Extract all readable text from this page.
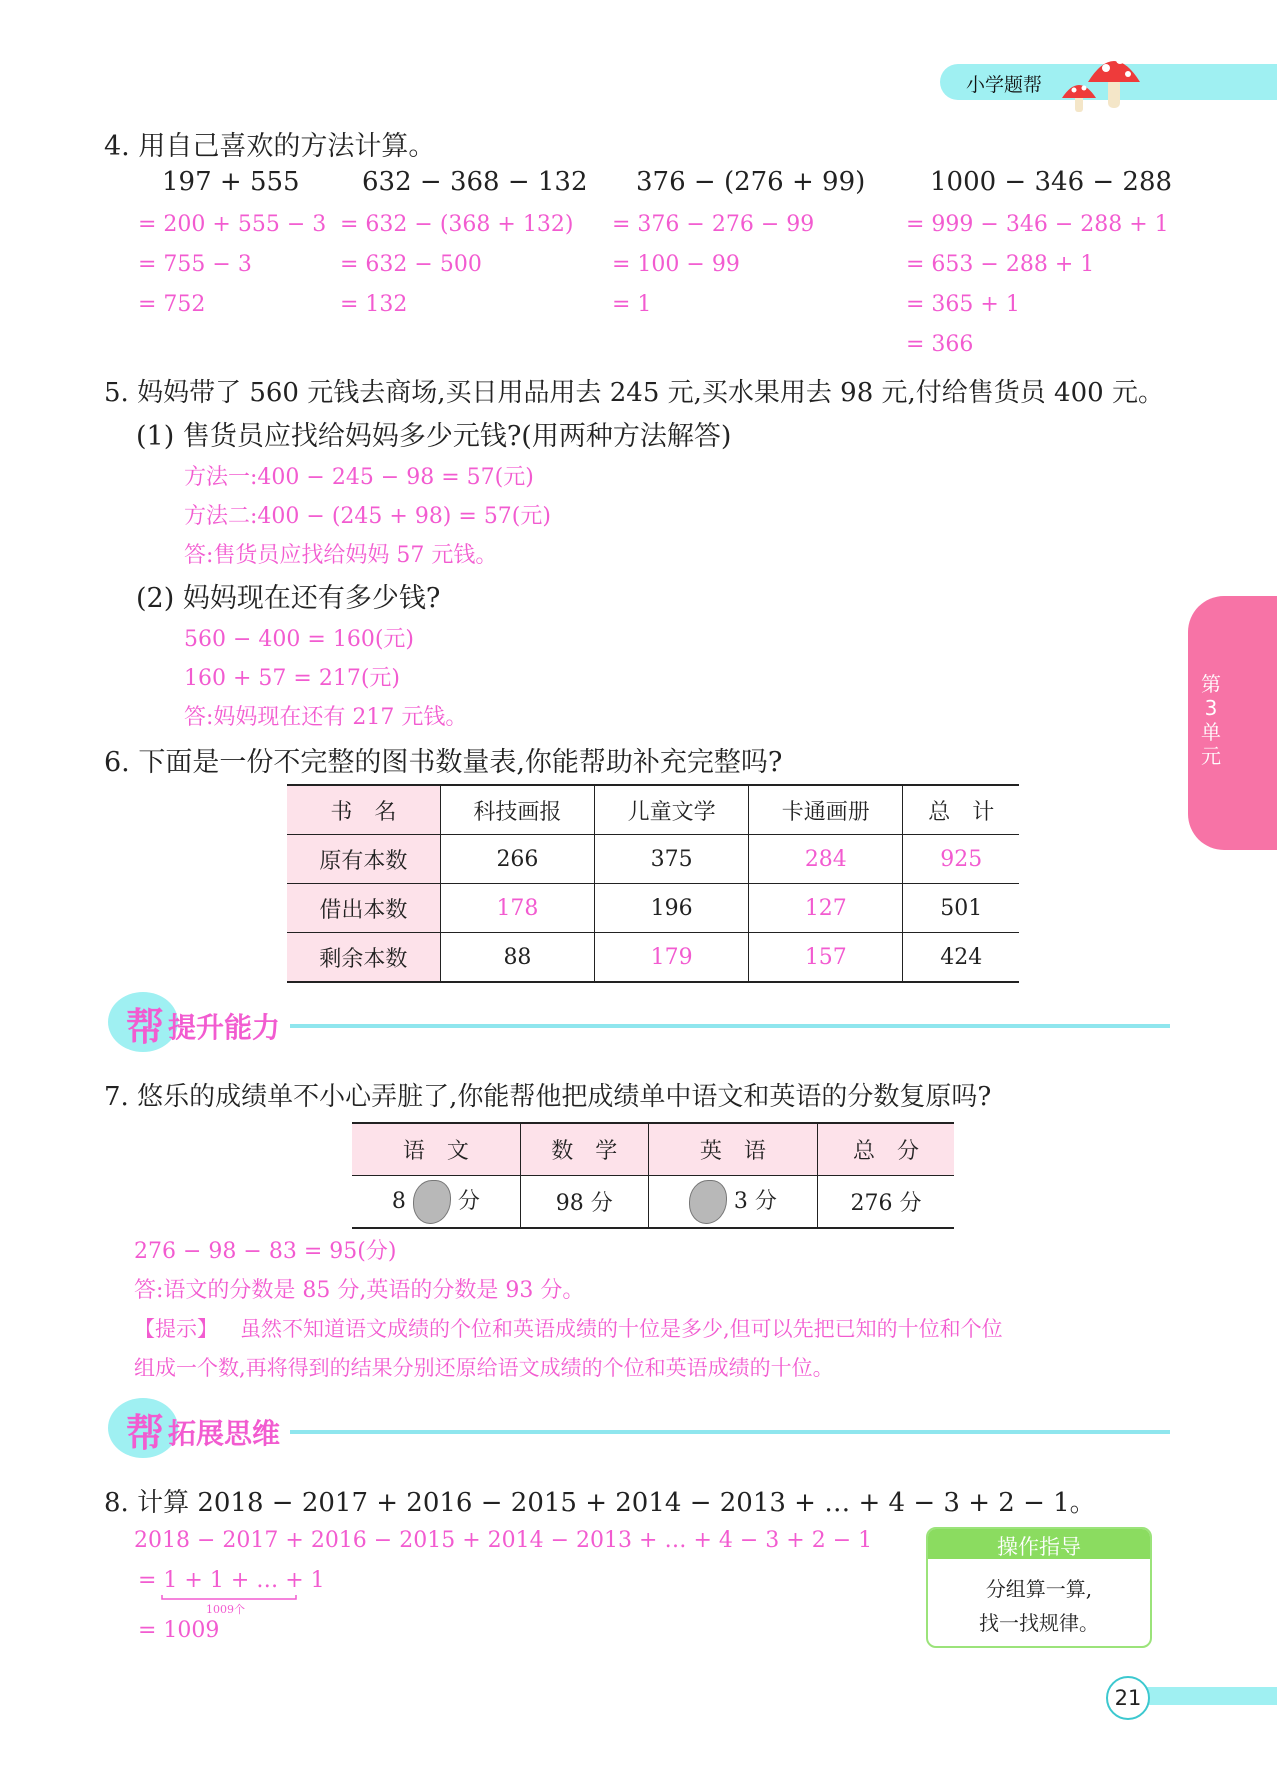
小学题帮
第3单元
4. 用自己喜欢的方法计算。
197 + 555
= 200 + 555 − 3
= 755 − 3
= 752
632 − 368 − 132
= 632 − (368 + 132)
= 632 − 500
= 132
376 − (276 + 99)
= 376 − 276 − 99
= 100 − 99
= 1
1000 − 346 − 288
= 999 − 346 − 288 + 1
= 653 − 288 + 1
= 365 + 1
= 366
5. 妈妈带了 560 元钱去商场,买日用品用去 245 元,买水果用去 98 元,付给售货员 400 元。
(1) 售货员应找给妈妈多少元钱?(用两种方法解答)
方法一:400 − 245 − 98 = 57(元)
方法二:400 − (245 + 98) = 57(元)
答:售货员应找给妈妈 57 元钱。
(2) 妈妈现在还有多少钱?
560 − 400 = 160(元)
160 + 57 = 217(元)
答:妈妈现在还有 217 元钱。
6. 下面是一份不完整的图书数量表,你能帮助补充完整吗?
书　名	科技画报	儿童文学	卡通画册	总　计
原有本数	266	375	284	925
借出本数	178	196	127	501
剩余本数	88	179	157	424
帮 提升能力
7. 悠乐的成绩单不小心弄脏了,你能帮他把成绩单中语文和英语的分数复原吗?
语　文	数　学	英　语	总　分
8 分	98 分	3 分	276 分
276 − 98 − 83 = 95(分)
答:语文的分数是 85 分,英语的分数是 93 分。
【提示】 虽然不知道语文成绩的个位和英语成绩的十位是多少,但可以先把已知的十位和个位
组成一个数,再将得到的结果分别还原给语文成绩的个位和英语成绩的十位。
帮 拓展思维
8. 计算 2018 − 2017 + 2016 − 2015 + 2014 − 2013 + … + 4 − 3 + 2 − 1。
2018 − 2017 + 2016 − 2015 + 2014 − 2013 + … + 4 − 3 + 2 − 1
= 1 + 1 + … + 1
1009个
= 1009
操作指导
分组算一算,
找一找规律。
21
